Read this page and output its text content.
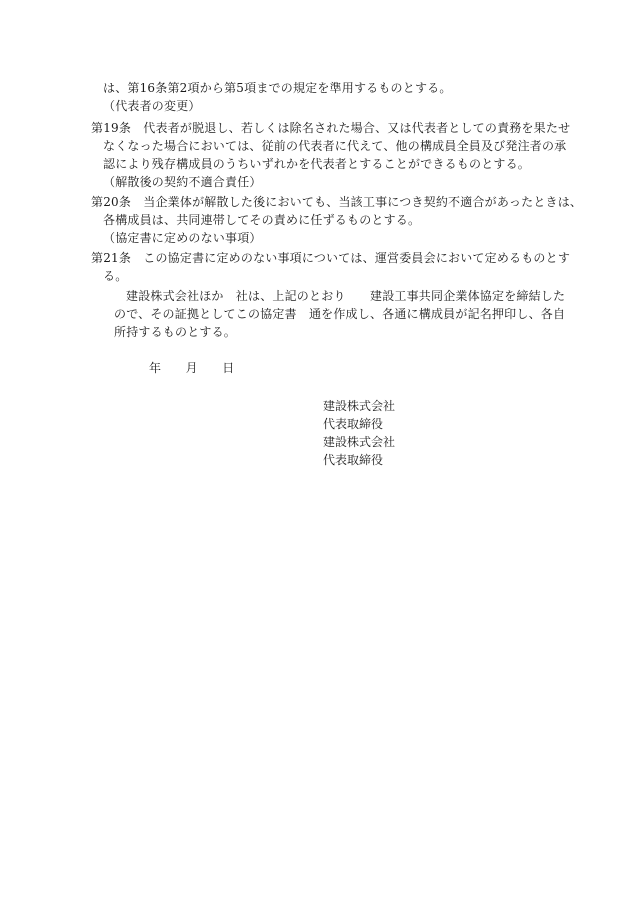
は、第16条第2項から第5項までの規定を準用するものとする。
（代表者の変更）
第19条　代表者が脱退し、若しくは除名された場合、又は代表者としての責務を果たせ
なくなった場合においては、従前の代表者に代えて、他の構成員全員及び発注者の承
認により残存構成員のうちいずれかを代表者とすることができるものとする。
（解散後の契約不適合責任）
第20条　当企業体が解散した後においても、当該工事につき契約不適合があったときは、
各構成員は、共同連帯してその責めに任ずるものとする。
（協定書に定めのない事項）
第21条　この協定書に定めのない事項については、運営委員会において定めるものとす
る。
建設株式会社ほか　社は、上記のとおり　　建設工事共同企業体協定を締結した
ので、その証拠としてこの協定書　通を作成し、各通に構成員が記名押印し、各自
所持するものとする。
年　　月　　日
建設株式会社
代表取締役
建設株式会社
代表取締役
